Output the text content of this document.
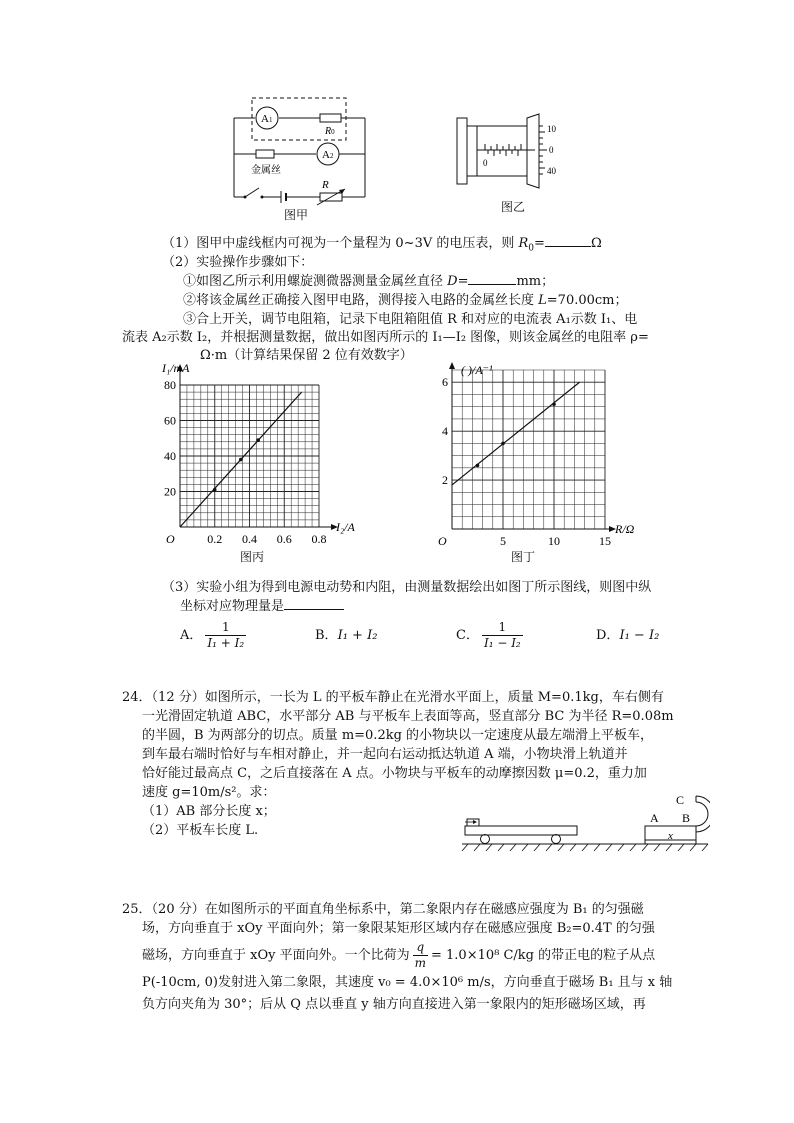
A1
R0
金属丝
A2
R
图甲
10
0
40
0
图乙
（1）图甲中虚线框内可视为一个量程为 0~3V 的电压表，则 $R_0=$	Ω
（2）实验操作步骤如下：
①如图乙所示利用螺旋测微器测量金属丝直径 D=	mm；
②将该金属丝正确接入图甲电路，测得接入电路的金属丝长度 L=70.00cm；
③合上开关，调节电阻箱，记录下电阻箱阻值 R 和对应的电流表 A₁示数 I₁、电
流表 A₂示数 I₂，并根据测量数据，做出如图丙所示的 I₁—I₂ 图像，则该金属丝的电阻率 ρ=
Ω·m（计算结果保留 2 位有效数字）
0.2 0.4 0.6 0.8
20
40
60
80
O
I₁/mA
I₂/A
图丙
5	10	15
2
4
6
O
( )/A⁻¹
R/Ω
图丁
（3）实验小组为得到电源电动势和内阻，由测量数据绘出如图丁所示图线，则图中纵
坐标对应物理量是
A． $\frac{1}{\text{I₁ + I₂}}$	B．I₁ + I₂	C． $\frac{1}{\text{I₁ − I₂}}$	D．I₁ − I₂
24．（12 分）如图所示，一长为 L 的平板车静止在光滑水平面上，质量 M=0.1kg，车右侧有
一光滑固定轨道 ABC，水平部分 AB 与平板车上表面等高，竖直部分 BC 为半径 R=0.08m
的半圆，B 为两部分的切点。质量 m=0.2kg 的小物块以一定速度从最左端滑上平板车，
到车最右端时恰好与车相对静止，并一起向右运动抵达轨道 A 端，小物块滑上轨道并
恰好能过最高点 C，之后直接落在 A 点。小物块与平板车的动摩擦因数 μ=0.2，重力加
速度 g=10m/s²。求：
（1）AB 部分长度 x；
（2）平板车长度 L.
C
A B
x
25．（20 分）在如图所示的平面直角坐标系中，第二象限内存在磁感应强度为 B₁ 的匀强磁
场，方向垂直于 xOy 平面向外；第一象限某矩形区域内存在磁感应强度 B₂=0.4T 的匀强
磁场，方向垂直于 xOy 平面向外。一个比荷为 $\frac{q}{m} = 1.0\times 10^8$ C/kg 的带正电的粒子从点
P(-10cm, 0)发射进入第二象限，其速度 v₀ = 4.0×10⁶ m/s，方向垂直于磁场 B₁ 且与 x 轴
负方向夹角为 30°；后从 Q 点以垂直 y 轴方向直接进入第一象限内的矩形磁场区域，再
